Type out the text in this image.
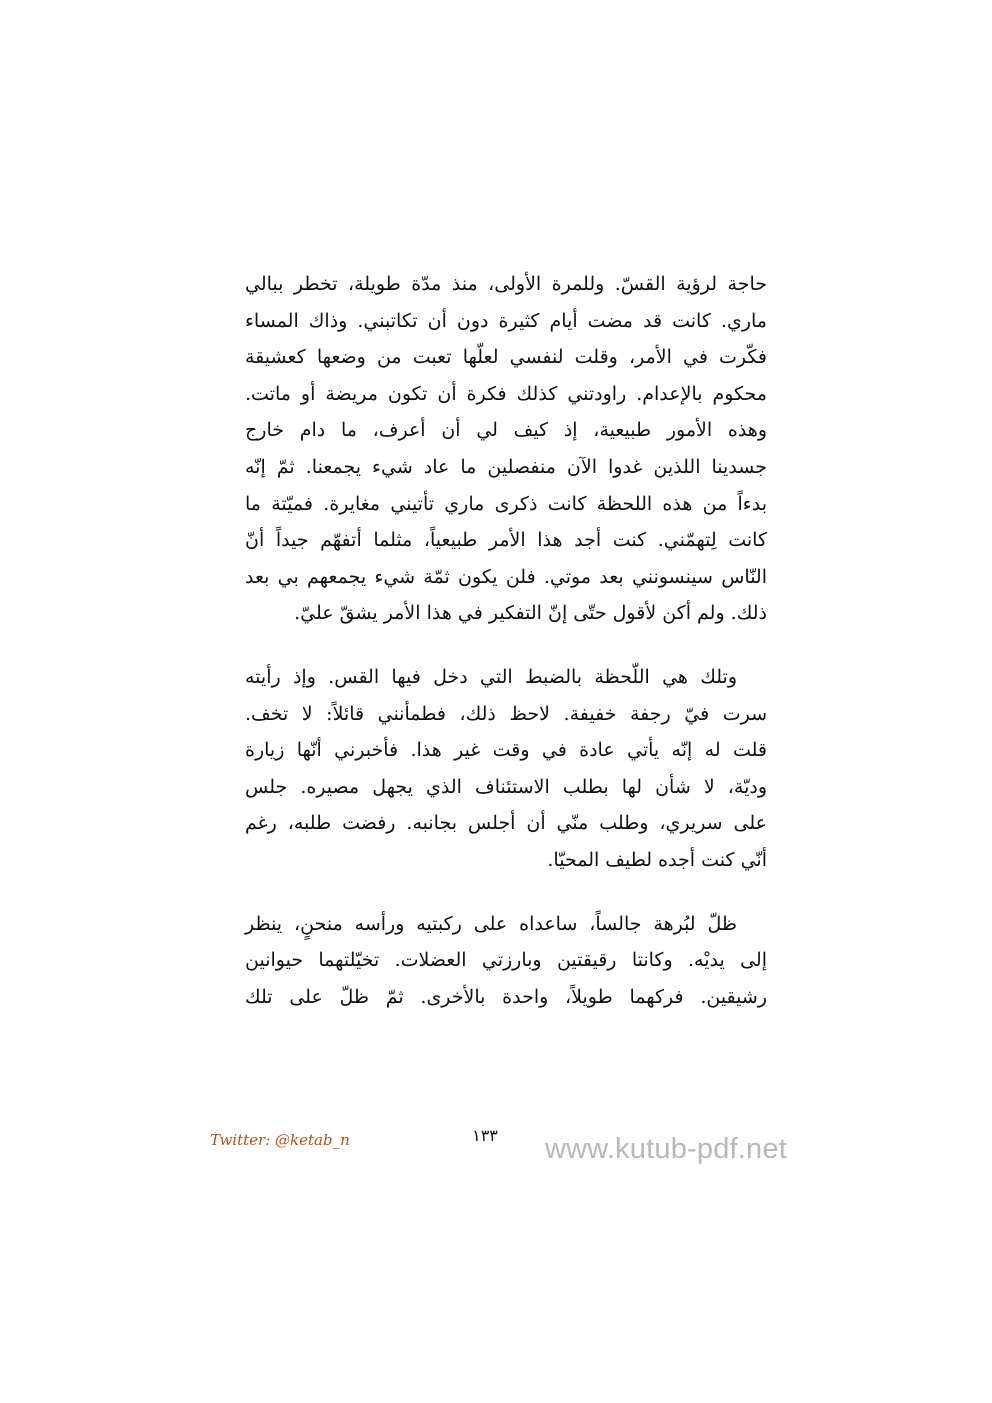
حاجة لرؤية القسّ. وللمرة الأولى، منذ مدّة طويلة، تخطر ببالي
ماري. كانت قد مضت أيام كثيرة دون أن تكاتبني. وذاك المساء
فكّرت في الأمر، وقلت لنفسي لعلّها تعبت من وضعها كعشيقة
محكوم بالإعدام. راودتني كذلك فكرة أن تكون مريضة أو ماتت.
وهذه الأمور طبيعية، إذ كيف لي أن أعرف، ما دام خارج
جسدينا اللذين غدوا الآن منفصلين ما عاد شيء يجمعنا. ثمّ إنّه
بدءاً من هذه اللحظة كانت ذكرى ماري تأتيني مغايرة. فميّتة ما
كانت لِتهمّني. كنت أجد هذا الأمر طبيعياً، مثلما أتفهّم جيداً أنّ
النّاس سينسونني بعد موتي. فلن يكون ثمّة شيء يجمعهم بي بعد
ذلك. ولم أكن لأقول حتّى إنّ التفكير في هذا الأمر يشقّ عليّ.

وتلك هي اللّحظة بالضبط التي دخل فيها القس. وإذ رأيته
سرت فيّ رجفة خفيفة. لاحظ ذلك، فطمأنني قائلاً: لا تخف.
قلت له إنّه يأتي عادة في وقت غير هذا. فأخبرني أنّها زيارة
وديّة، لا شأن لها بطلب الاستئناف الذي يجهل مصيره. جلس
على سريري، وطلب منّي أن أجلس بجانبه. رفضت طلبه، رغم
أنّي كنت أجده لطيف المحيّا.

ظلّ لبُرهة جالساً، ساعداه على ركبتيه ورأسه منحنٍ، ينظر
إلى يديْه. وكانتا رقيقتين وبارزتي العضلات. تخيّلتهما حيوانين
رشيقين. فركهما طويلاً، واحدة بالأخرى. ثمّ ظلّ على تلك

Twitter: @ketab_n	١٣٣	www.kutub-pdf.net
